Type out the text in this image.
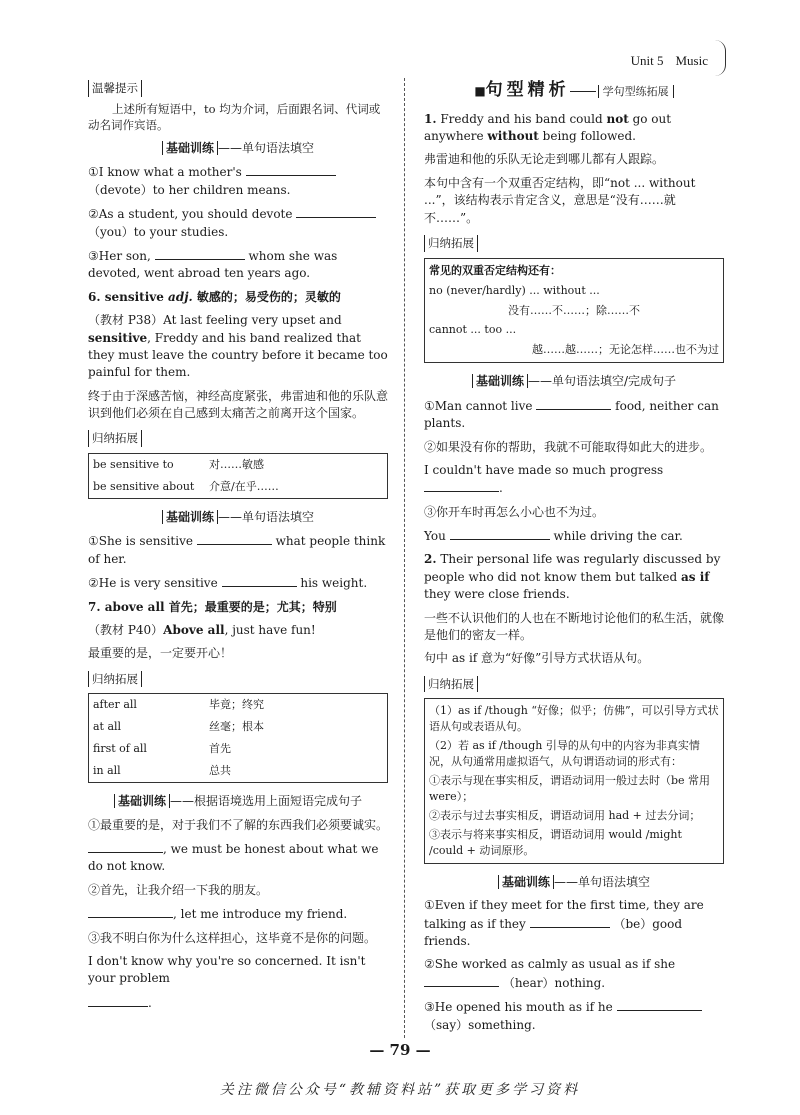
Unit 5 Music
温馨提示
上述所有短语中，to 均为介词，后面跟名词、代词或动名词作宾语。
基础训练 ——单句语法填空
①I know what a mother's  （devote）to her children means.
②As a student, you should devote  （you）to your studies.
③Her son,	whom she was devoted, went abroad ten years ago.
6. sensitive adj. 敏感的；易受伤的；灵敏的
（教材 P38）At last feeling very upset and sensitive, Freddy and his band realized that they must leave the country before it became too painful for them.
终于由于深感苦恼，神经高度紧张，弗雷迪和他的乐队意识到他们必须在自己感到太痛苦之前离开这个国家。
归纳拓展
be sensitive to	对……敏感
be sensitive about	介意/在乎……
基础训练 ——单句语法填空
①She is sensitive	what people think of her.
②He is very sensitive	his weight.
7. above all 首先；最重要的是；尤其；特别
（教材 P40）Above all, just have fun!
最重要的是，一定要开心！
归纳拓展
after all	毕竟；终究
at all	丝毫；根本
first of all	首先
in all	总共
基础训练 ——根据语境选用上面短语完成句子
①最重要的是，对于我们不了解的东西我们必须要诚实。
, we must be honest about what we do not know.
②首先，让我介绍一下我的朋友。
, let me introduce my friend.
③我不明白你为什么这样担心，这毕竟不是你的问题。
I don't know why you're so concerned. It isn't your problem
.
■句型精析	学句型练拓展
1. Freddy and his band could not go out anywhere without being followed.
弗雷迪和他的乐队无论走到哪儿都有人跟踪。
本句中含有一个双重否定结构，即“not ... without ...”，该结构表示肯定含义，意思是“没有……就不……”。
归纳拓展
常见的双重否定结构还有：
no (never/hardly) ... without ...
没有……不……；除……不
cannot ... too ...
越……越……；无论怎样……也不为过
基础训练 ——单句语法填空/完成句子
①Man cannot live	food, neither can plants.
②如果没有你的帮助，我就不可能取得如此大的进步。
I couldn't have made so much progress .
③你开车时再怎么小心也不为过。
You	while driving the car.
2. Their personal life was regularly discussed by people who did not know them but talked as if they were close friends.
一些不认识他们的人也在不断地讨论他们的私生活，就像是他们的密友一样。
句中 as if 意为“好像”引导方式状语从句。
归纳拓展
（1）as if /though “好像；似乎；仿佛”，可以引导方式状语从句或表语从句。
（2）若 as if /though 引导的从句中的内容为非真实情况，从句通常用虚拟语气，从句谓语动词的形式有：
①表示与现在事实相反，谓语动词用一般过去时（be 常用 were）；
②表示与过去事实相反，谓语动词用 had + 过去分词；
③表示与将来事实相反，谓语动词用 would /might /could + 动词原形。
基础训练 ——单句语法填空
①Even if they meet for the first time, they are talking as if they	（be）good friends.
②She worked as calmly as usual as if she  （hear）nothing.
③He opened his mouth as if he  （say）something.
— 79 —
关注微信公众号“教辅资料站”获取更多学习资料
